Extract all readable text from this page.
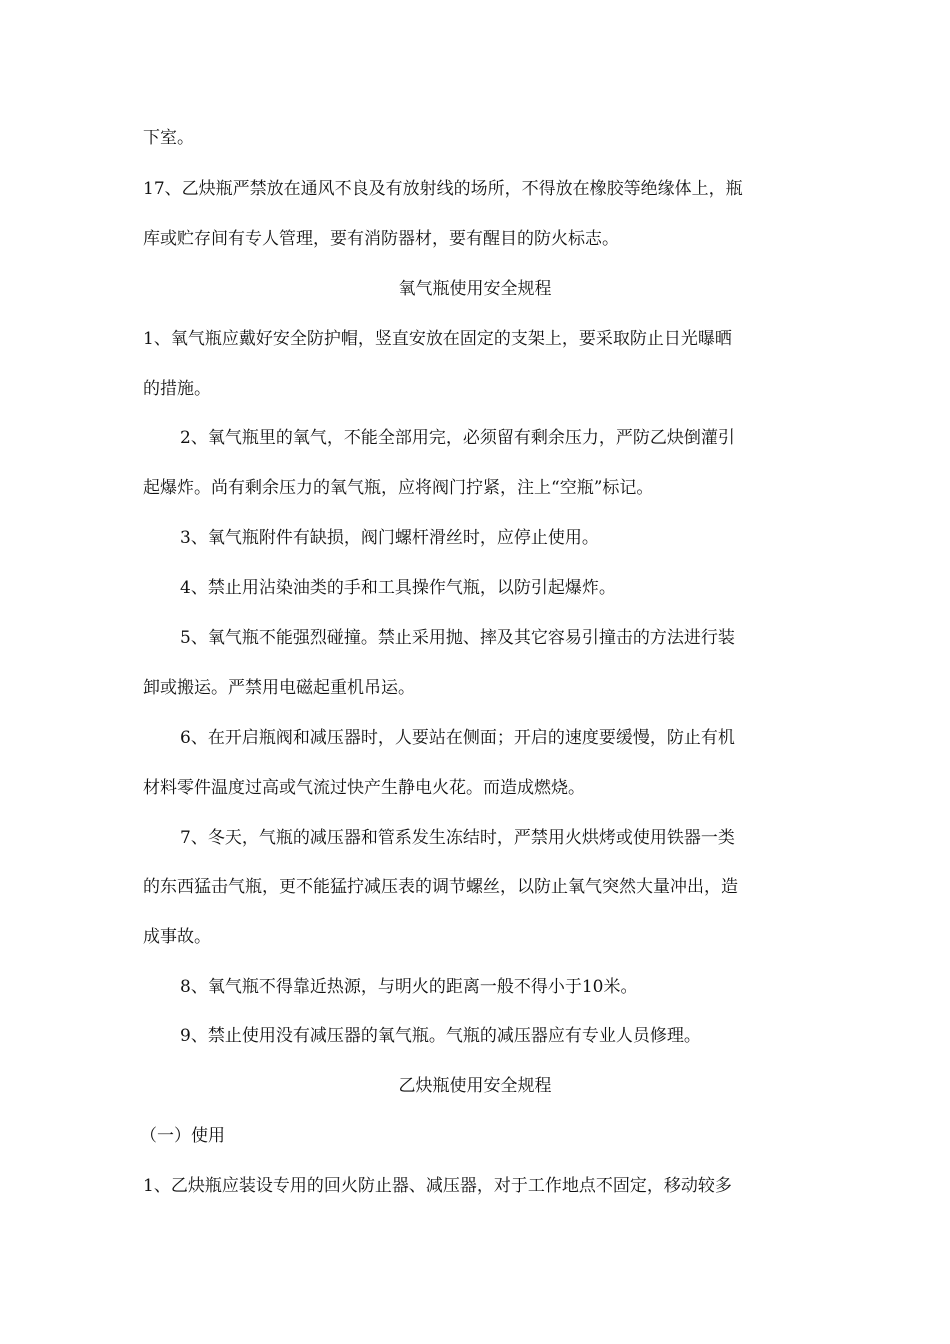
下室。
17、乙炔瓶严禁放在通风不良及有放射线的场所，不得放在橡胶等绝缘体上，瓶
库或贮存间有专人管理，要有消防器材，要有醒目的防火标志。
氧气瓶使用安全规程
1、氧气瓶应戴好安全防护帽，竖直安放在固定的支架上，要采取防止日光曝晒
的措施。
2、氧气瓶里的氧气，不能全部用完，必须留有剩余压力，严防乙炔倒灌引
起爆炸。尚有剩余压力的氧气瓶，应将阀门拧紧，注上“空瓶”标记。
3、氧气瓶附件有缺损，阀门螺杆滑丝时，应停止使用。
4、禁止用沾染油类的手和工具操作气瓶，以防引起爆炸。
5、氧气瓶不能强烈碰撞。禁止采用抛、摔及其它容易引撞击的方法进行装
卸或搬运。严禁用电磁起重机吊运。
6、在开启瓶阀和减压器时，人要站在侧面；开启的速度要缓慢，防止有机
材料零件温度过高或气流过快产生静电火花。而造成燃烧。
7、冬天，气瓶的减压器和管系发生冻结时，严禁用火烘烤或使用铁器一类
的东西猛击气瓶，更不能猛拧减压表的调节螺丝，以防止氧气突然大量冲出，造
成事故。
8、氧气瓶不得靠近热源，与明火的距离一般不得小于10米。
9、禁止使用没有减压器的氧气瓶。气瓶的减压器应有专业人员修理。
乙炔瓶使用安全规程
（一）使用
1、乙炔瓶应装设专用的回火防止器、减压器，对于工作地点不固定，移动较多
